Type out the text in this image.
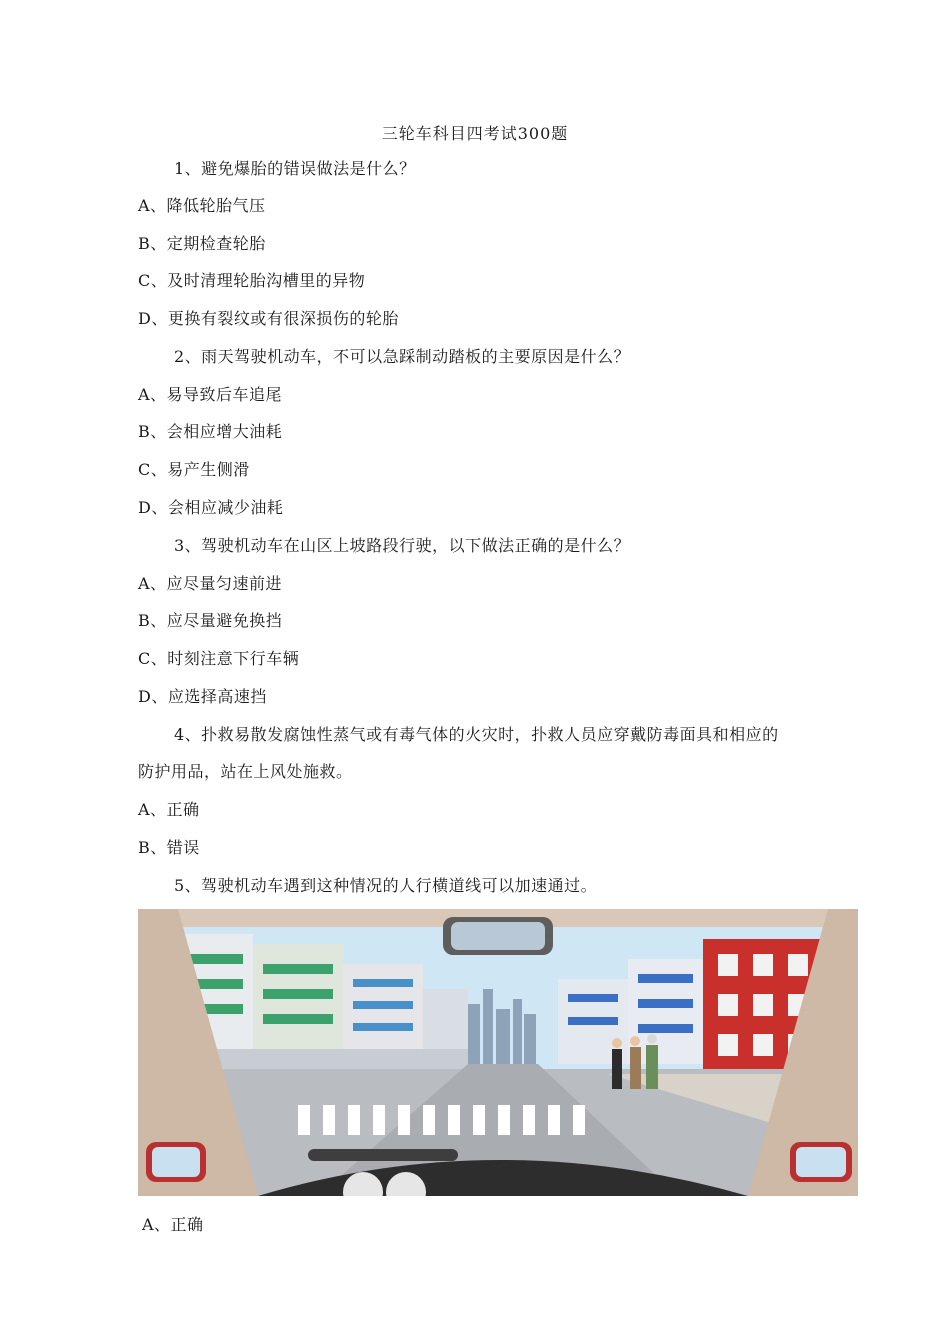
三轮车科目四考试300题
1、避免爆胎的错误做法是什么？
A、降低轮胎气压
B、定期检查轮胎
C、及时清理轮胎沟槽里的异物
D、更换有裂纹或有很深损伤的轮胎
2、雨天驾驶机动车，不可以急踩制动踏板的主要原因是什么？
A、易导致后车追尾
B、会相应增大油耗
C、易产生侧滑
D、会相应减少油耗
3、驾驶机动车在山区上坡路段行驶，以下做法正确的是什么？
A、应尽量匀速前进
B、应尽量避免换挡
C、时刻注意下行车辆
D、应选择高速挡
4、扑救易散发腐蚀性蒸气或有毒气体的火灾时，扑救人员应穿戴防毒面具和相应的
防护用品，站在上风处施救。
A、正确
B、错误
5、驾驶机动车遇到这种情况的人行横道线可以加速通过。
A、正确
